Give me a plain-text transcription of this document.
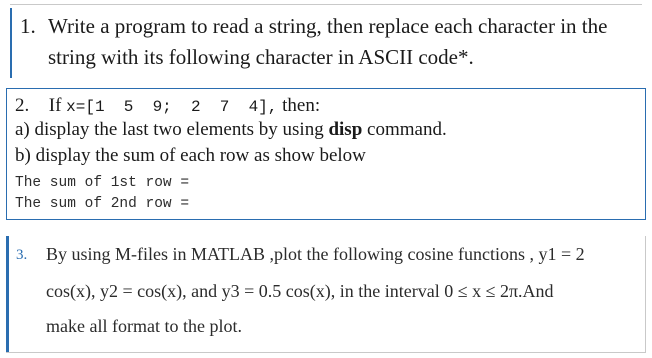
1. Write a program to read a string, then replace each character in the
string with its following character in ASCII code*.
2. If x=[1  5  9;  2  7  4], then:
a) display the last two elements by using disp command.
b) display the sum of each row as show below
The sum of 1st row =
The sum of 2nd row =
3. By using M-files in MATLAB ,plot the following cosine functions , y1 = 2
cos(x), y2 = cos(x), and y3 = 0.5 cos(x), in the interval 0 ≤ x ≤ 2π.And
make all format to the plot.
